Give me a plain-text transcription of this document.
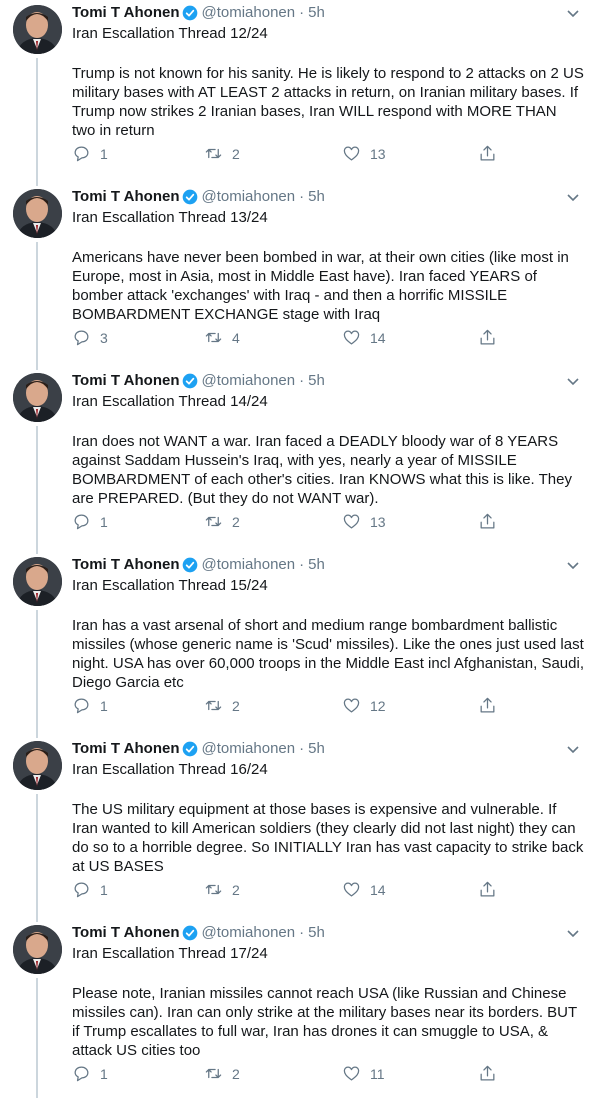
Tomi T Ahonen @tomiahonen · 5h
Iran Escallation Thread 12/24
Trump is not known for his sanity. He is likely to respond to 2 attacks on 2 US military bases with AT LEAST 2 attacks in return, on Iranian military bases. If Trump now strikes 2 Iranian bases, Iran WILL respond with MORE THAN two in return
1	2	13
Tomi T Ahonen @tomiahonen · 5h
Iran Escallation Thread 13/24
Americans have never been bombed in war, at their own cities (like most in Europe, most in Asia, most in Middle East have). Iran faced YEARS of bomber attack 'exchanges' with Iraq - and then a horrific MISSILE BOMBARDMENT EXCHANGE stage with Iraq
3	4	14
Tomi T Ahonen @tomiahonen · 5h
Iran Escallation Thread 14/24
Iran does not WANT a war. Iran faced a DEADLY bloody war of 8 YEARS against Saddam Hussein's Iraq, with yes, nearly a year of MISSILE BOMBARDMENT of each other's cities. Iran KNOWS what this is like. They are PREPARED. (But they do not WANT war).
1	2	13
Tomi T Ahonen @tomiahonen · 5h
Iran Escallation Thread 15/24
Iran has a vast arsenal of short and medium range bombardment ballistic missiles (whose generic name is 'Scud' missiles). Like the ones just used last night. USA has over 60,000 troops in the Middle East incl Afghanistan, Saudi, Diego Garcia etc
1	2	12
Tomi T Ahonen @tomiahonen · 5h
Iran Escallation Thread 16/24
The US military equipment at those bases is expensive and vulnerable. If Iran wanted to kill American soldiers (they clearly did not last night) they can do so to a horrible degree. So INITIALLY Iran has vast capacity to strike back at US BASES
1	2	14
Tomi T Ahonen @tomiahonen · 5h
Iran Escallation Thread 17/24
Please note, Iranian missiles cannot reach USA (like Russian and Chinese missiles can). Iran can only strike at the military bases near its borders. BUT if Trump escallates to full war, Iran has drones it can smuggle to USA, & attack US cities too
1	2	11
